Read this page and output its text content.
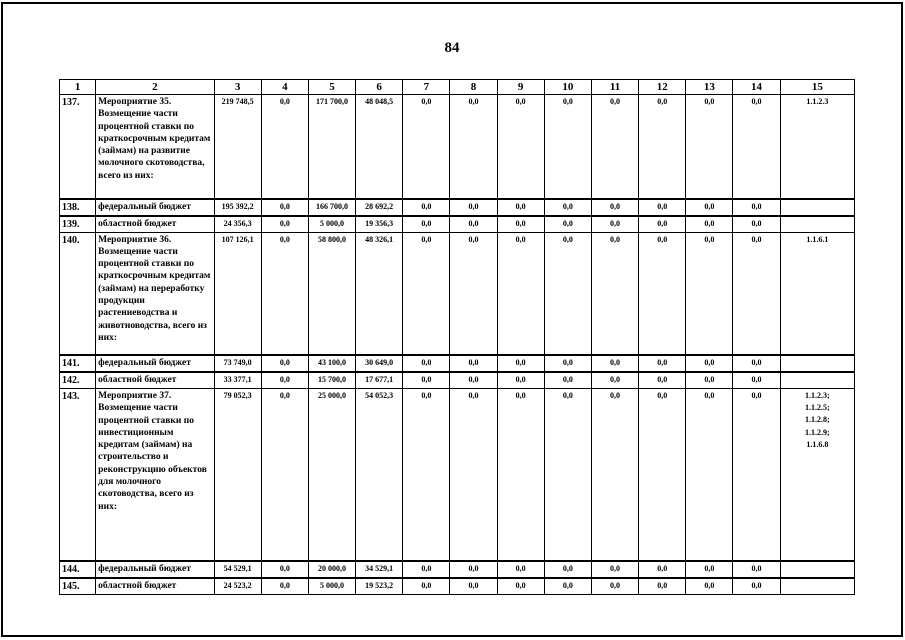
84
1	2	3	4	5	6	7	8	9	10	11	12	13	14	15
137.	Мероприятие 35. Возмещение части процентной ставки по краткосрочным кредитам (займам) на развитие молочного скотоводства, всего из них:	219 748,5	0,0	171 700,0	48 048,5	0,0	0,0	0,0	0,0	0,0	0,0	0,0	0,0	1.1.2.3

138.	федеральный бюджет	195 392,2	0,0	166 700,0	28 692,2	0,0	0,0	0,0	0,0	0,0	0,0	0,0	0,0	
139.	областной бюджет	24 356,3	0,0	5 000,0	19 356,3	0,0	0,0	0,0	0,0	0,0	0,0	0,0	0,0	
140.	Мероприятие 36. Возмещение части процентной ставки по краткосрочным кредитам (займам) на переработку продукции растениеводства и животноводства, всего из них:	107 126,1	0,0	58 800,0	48 326,1	0,0	0,0	0,0	0,0	0,0	0,0	0,0	0,0	1.1.6.1

141.	федеральный бюджет	73 749,0	0,0	43 100,0	30 649,0	0,0	0,0	0,0	0,0	0,0	0,0	0,0	0,0	
142.	областной бюджет	33 377,1	0,0	15 700,0	17 677,1	0,0	0,0	0,0	0,0	0,0	0,0	0,0	0,0	
143.	Мероприятие 37. Возмещение части процентной ставки по инвестиционным кредитам (займам) на строительство и реконструкцию объектов для молочного скотоводства, всего из них:	79 052,3	0,0	25 000,0	54 052,3	0,0	0,0	0,0	0,0	0,0	0,0	0,0	0,0	1.1.2.3;
1.1.2.5;
1.1.2.8;
1.1.2.9;
1.1.6.8

144.	федеральный бюджет	54 529,1	0,0	20 000,0	34 529,1	0,0	0,0	0,0	0,0	0,0	0,0	0,0	0,0	
145.	областной бюджет	24 523,2	0,0	5 000,0	19 523,2	0,0	0,0	0,0	0,0	0,0	0,0	0,0	0,0	
